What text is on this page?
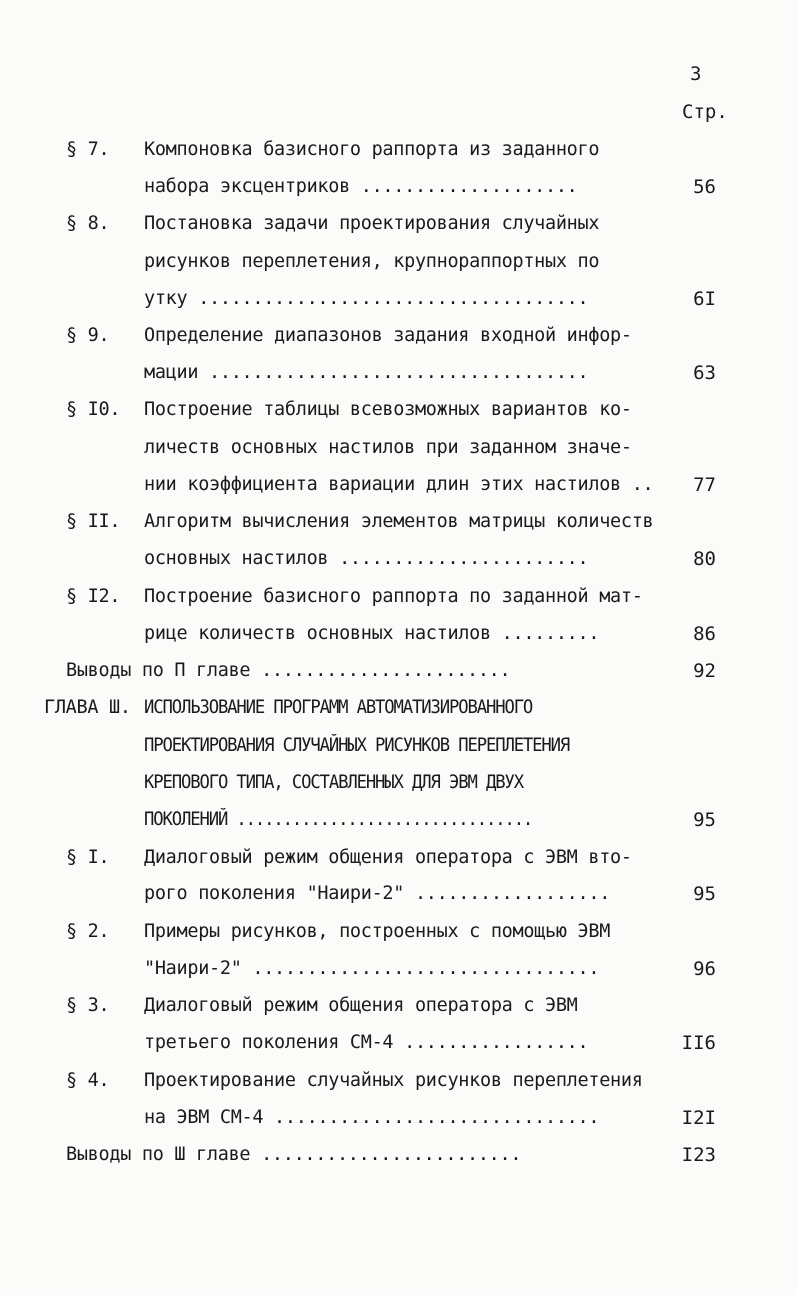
3
Стр.
§ 7. Компоновка базисного раппорта из заданного
набора эксцентриков ....................	56
§ 8. Постановка задачи проектирования случайных
рисунков переплетения, крупнораппортных по
утку ....................................	6I
§ 9. Определение диапазонов задания входной инфор-
мации ...................................	63
§ I0. Построение таблицы всевозможных вариантов ко-
личеств основных настилов при заданном значе-
нии коэффициента вариации длин этих настилов ..	77
§ II. Алгоритм вычисления элементов матрицы количеств
основных настилов .......................	80
§ I2. Построение базисного раппорта по заданной мат-
рице количеств основных настилов .........	86
Выводы по П главе .......................	92
ГЛАВА Ш. ИСПОЛЬЗОВАНИЕ ПРОГРАММ АВТОМАТИЗИРОВАННОГО
ПРОЕКТИРОВАНИЯ СЛУЧАЙНЫХ РИСУНКОВ ПЕРЕПЛЕТЕНИЯ
КРЕПОВОГО ТИПА, СОСТАВЛЕННЫХ ДЛЯ ЭВМ ДВУХ
ПОКОЛЕНИЙ ................................	95
§ I. Диалоговый режим общения оператора с ЭВМ вто-
рого поколения "Наири-2" ..................	95
§ 2. Примеры рисунков, построенных с помощью ЭВМ
"Наири-2" ................................	96
§ 3. Диалоговый режим общения оператора с ЭВМ
третьего поколения СМ-4 .................	II6
§ 4. Проектирование случайных рисунков переплетения
на ЭВМ СМ-4 ..............................	I2I
Выводы по Ш главе ........................	I23
